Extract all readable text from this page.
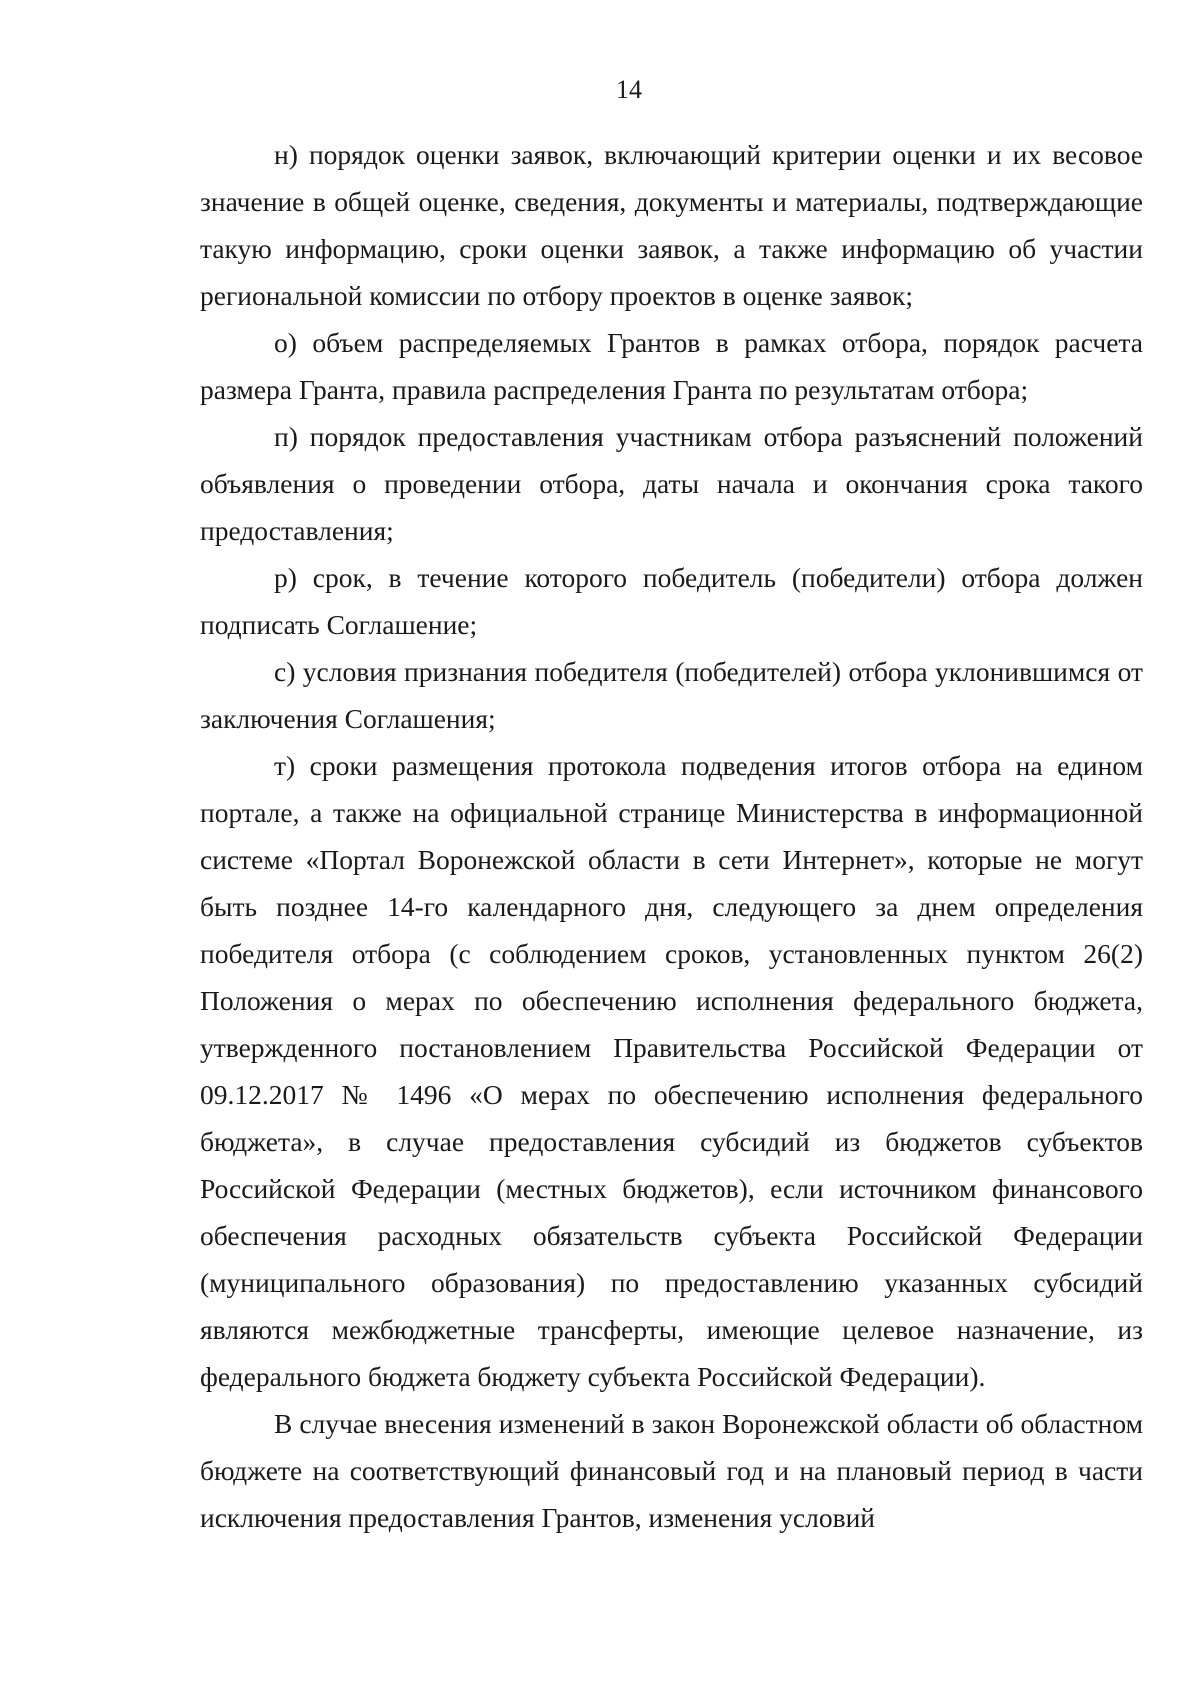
14

н) порядок оценки заявок, включающий критерии оценки и их весовое значение в общей оценке, сведения, документы и материалы, подтверждающие такую информацию, сроки оценки заявок, а также информацию об участии региональной комиссии по отбору проектов в оценке заявок;

о) объем распределяемых Грантов в рамках отбора, порядок расчета размера Гранта, правила распределения Гранта по результатам отбора;

п) порядок предоставления участникам отбора разъяснений положений объявления о проведении отбора, даты начала и окончания срока такого предоставления;

р) срок, в течение которого победитель (победители) отбора должен подписать Соглашение;

с) условия признания победителя (победителей) отбора уклонившимся от заключения Соглашения;

т) сроки размещения протокола подведения итогов отбора на едином портале, а также на официальной странице Министерства в информационной системе «Портал Воронежской области в сети Интернет», которые не могут быть позднее 14-го календарного дня, следующего за днем определения победителя отбора (с соблюдением сроков, установленных пунктом 26(2) Положения о мерах по обеспечению исполнения федерального бюджета, утвержденного постановлением Правительства Российской Федерации от 09.12.2017 № 1496 «О мерах по обеспечению исполнения федерального бюджета», в случае предоставления субсидий из бюджетов субъектов Российской Федерации (местных бюджетов), если источником финансового обеспечения расходных обязательств субъекта Российской Федерации (муниципального образования) по предоставлению указанных субсидий являются межбюджетные трансферты, имеющие целевое назначение, из федерального бюджета бюджету субъекта Российской Федерации).

В случае внесения изменений в закон Воронежской области об областном бюджете на соответствующий финансовый год и на плановый период в части исключения предоставления Грантов, изменения условий
